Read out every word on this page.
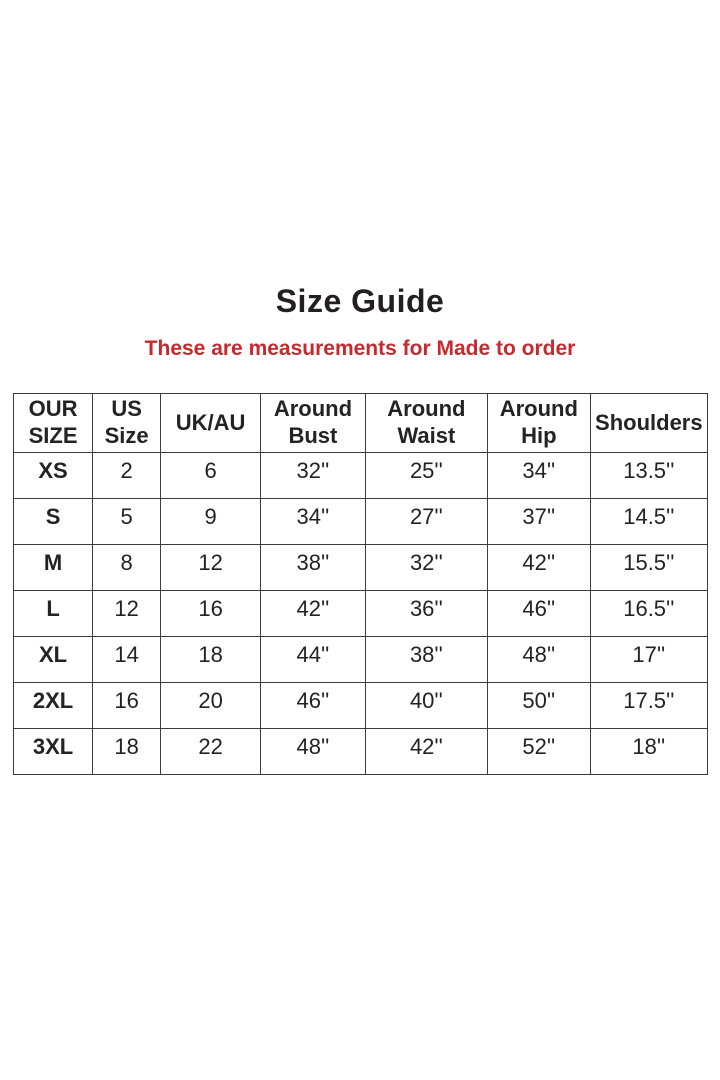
Size Guide
These are measurements for Made to order
OUR SIZE	US Size	UK/AU	Around Bust	Around Waist	Around Hip	Shoulders
XS	2	6	32''	25''	34''	13.5''
S	5	9	34''	27''	37''	14.5''
M	8	12	38''	32''	42''	15.5''
L	12	16	42''	36''	46''	16.5''
XL	14	18	44''	38''	48''	17''
2XL	16	20	46''	40''	50''	17.5''
3XL	18	22	48''	42''	52''	18''
